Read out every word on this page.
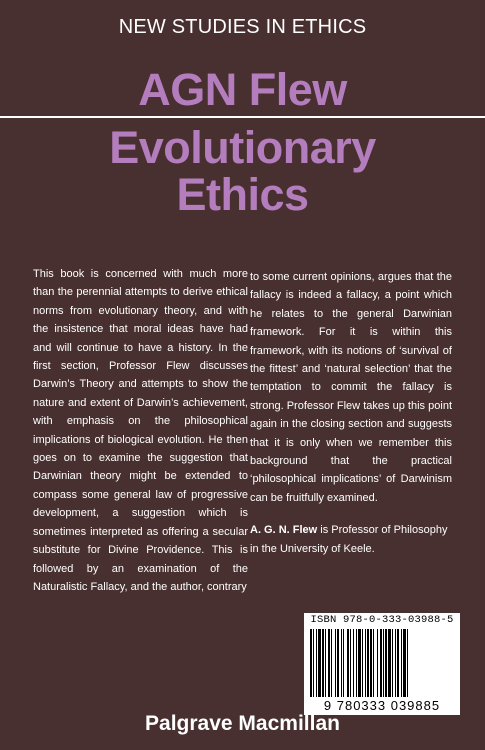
NEW STUDIES IN ETHICS
AGN Flew
Evolutionary
Ethics

This book is concerned with much more than the perennial attempts to derive ethical norms from evolutionary theory, and with the insistence that moral ideas have had and will continue to have a history. In the first section, Professor Flew discusses Darwin’s Theory and attempts to show the nature and extent of Darwin’s achievement, with emphasis on the philosophical implications of biological evolution. He then goes on to examine the suggestion that Darwinian theory might be extended to compass some general law of progressive development, a suggestion which is sometimes interpreted as offering a secular substitute for Divine Providence. This is followed by an examination of the Naturalistic Fallacy, and the author, contrary

to some current opinions, argues that the fallacy is indeed a fallacy, a point which he relates to the general Darwinian framework. For it is within this framework, with its notions of ‘survival of the fittest’ and ‘natural selection’ that the temptation to commit the fallacy is strong. Professor Flew takes up this point again in the closing section and suggests that it is only when we remember this background that the practical ‘philosophical implications’ of Darwinism can be fruitfully examined.

A. G. N. Flew is Professor of Philosophy in the University of Keele.

ISBN 978-0-333-03988-5
9 780333 039885
Palgrave Macmillan
